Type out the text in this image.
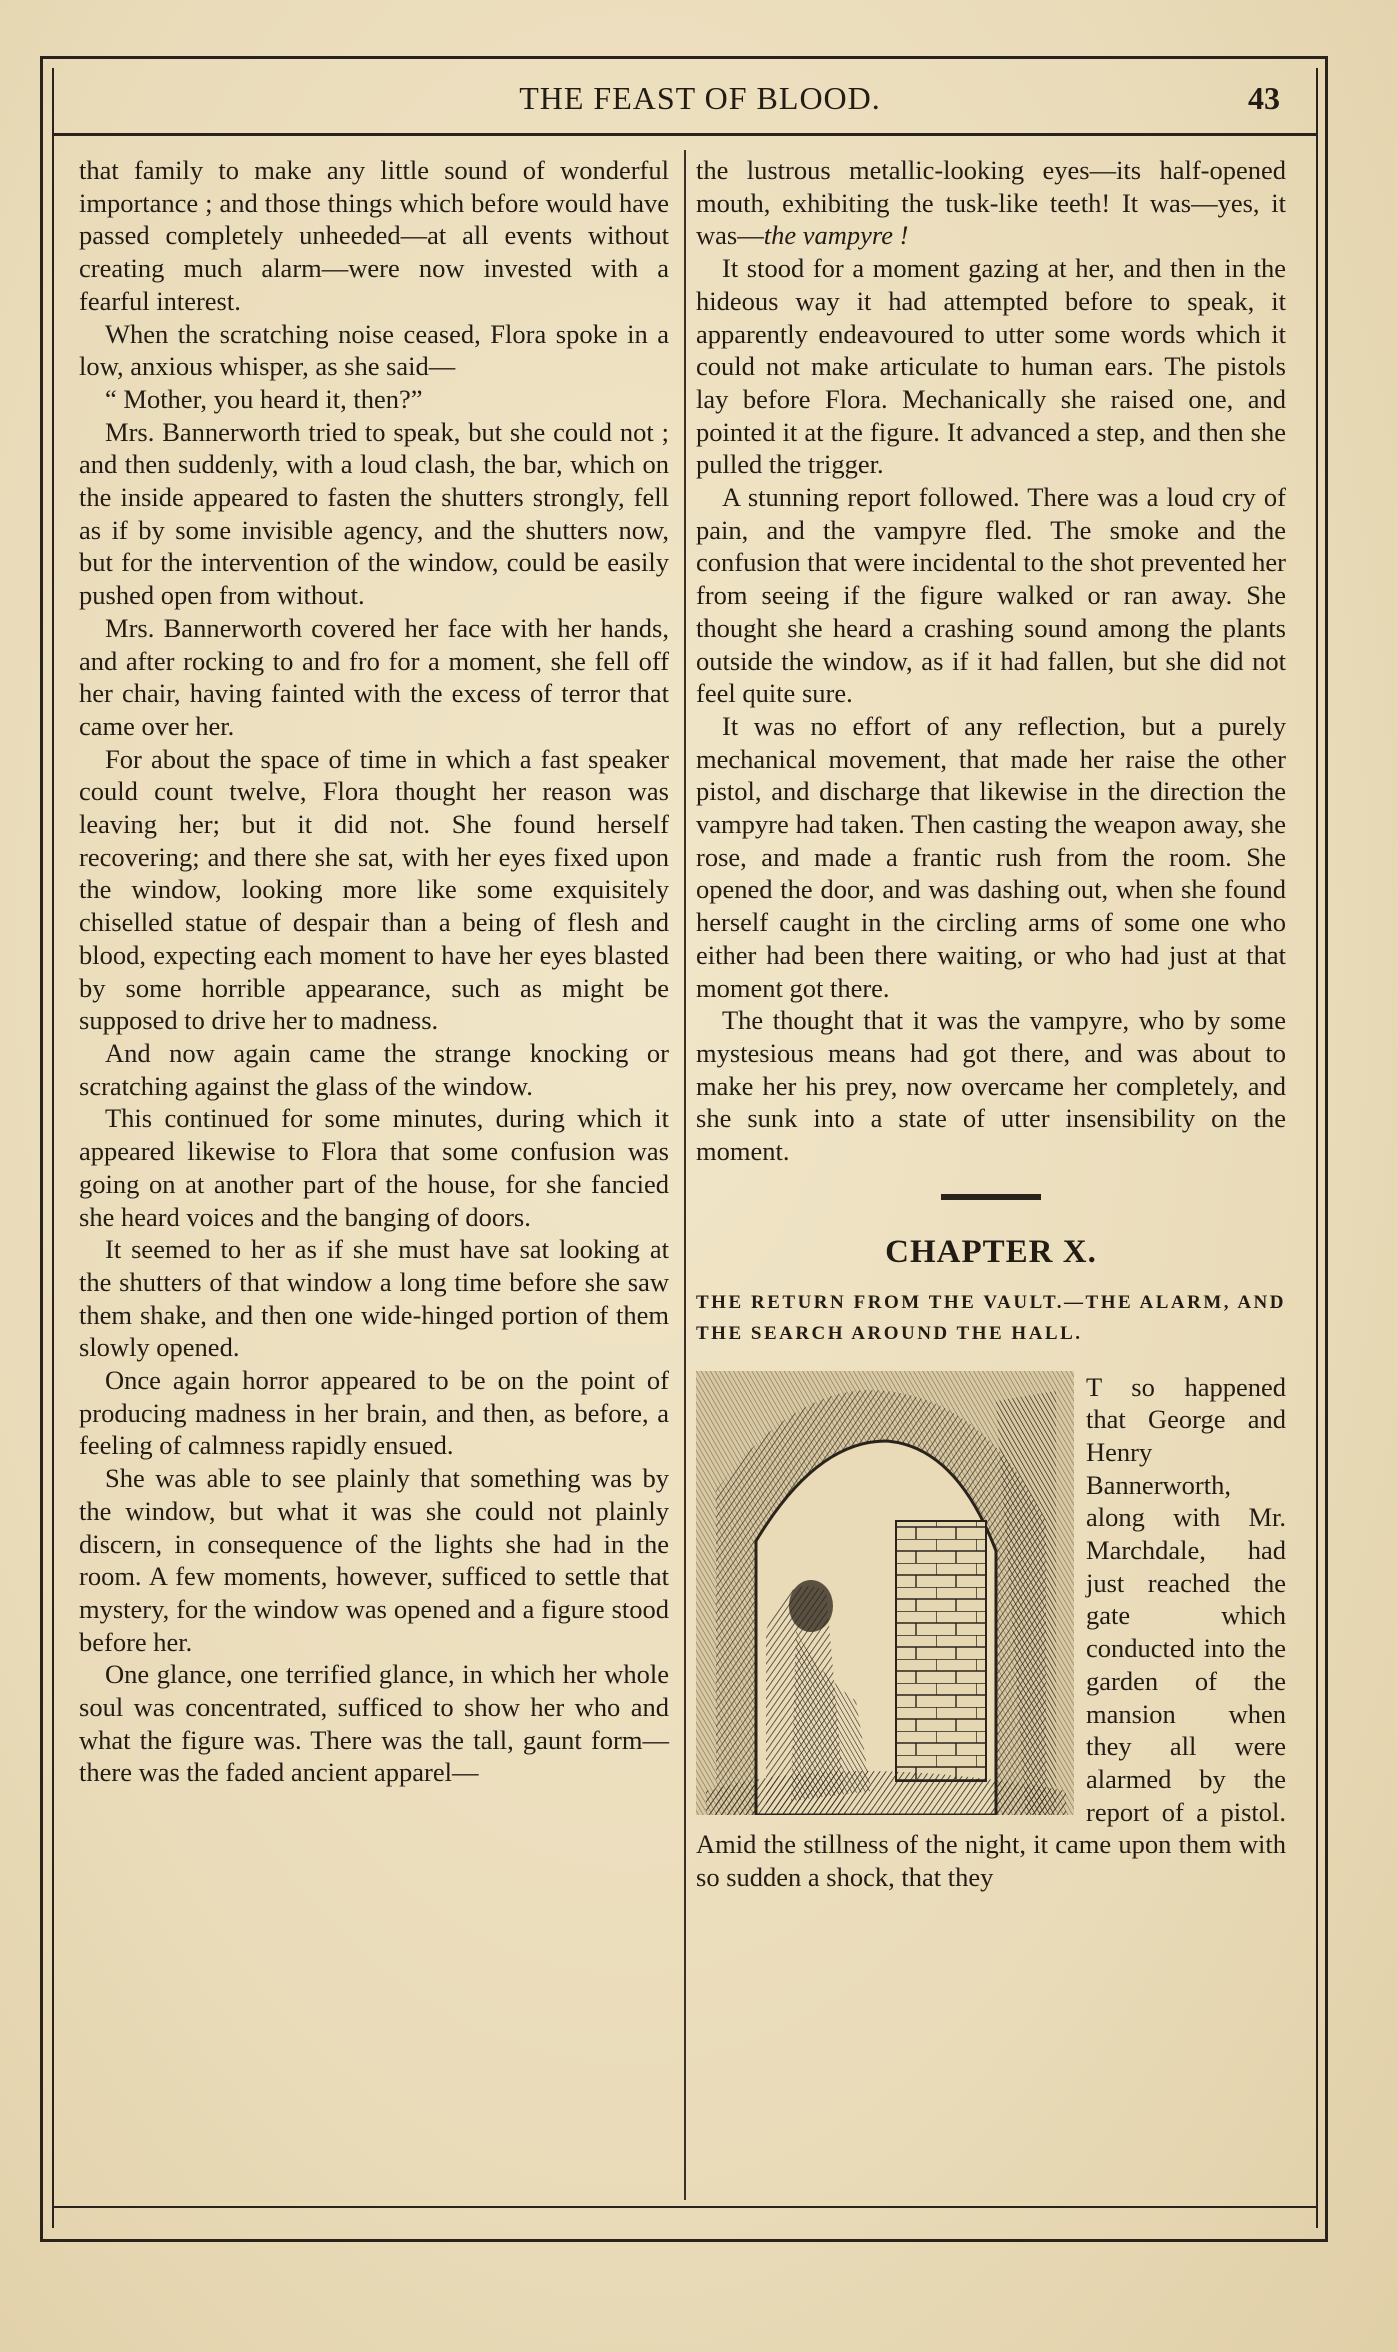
THE FEAST OF BLOOD.	43

that family to make any little sound of wonderful importance ; and those things which before would have passed completely unheeded—at all events without creating much alarm—were now invested with a fearful interest.

When the scratching noise ceased, Flora spoke in a low, anxious whisper, as she said—

“ Mother, you heard it, then?”

Mrs. Bannerworth tried to speak, but she could not ; and then suddenly, with a loud clash, the bar, which on the inside appeared to fasten the shutters strongly, fell as if by some invisible agency, and the shutters now, but for the intervention of the window, could be easily pushed open from without.

Mrs. Bannerworth covered her face with her hands, and after rocking to and fro for a moment, she fell off her chair, having fainted with the excess of terror that came over her.

For about the space of time in which a fast speaker could count twelve, Flora thought her reason was leaving her; but it did not. She found herself recovering; and there she sat, with her eyes fixed upon the window, looking more like some exquisitely chiselled statue of despair than a being of flesh and blood, expecting each moment to have her eyes blasted by some horrible appearance, such as might be supposed to drive her to madness.

And now again came the strange knocking or scratching against the glass of the window.

This continued for some minutes, during which it appeared likewise to Flora that some confusion was going on at another part of the house, for she fancied she heard voices and the banging of doors.

It seemed to her as if she must have sat looking at the shutters of that window a long time before she saw them shake, and then one wide-hinged portion of them slowly opened.

Once again horror appeared to be on the point of producing madness in her brain, and then, as before, a feeling of calmness rapidly ensued.

She was able to see plainly that something was by the window, but what it was she could not plainly discern, in consequence of the lights she had in the room. A few moments, however, sufficed to settle that mystery, for the window was opened and a figure stood before her.

One glance, one terrified glance, in which her whole soul was concentrated, sufficed to show her who and what the figure was. There was the tall, gaunt form—there was the faded ancient apparel—

the lustrous metallic-looking eyes—its half-opened mouth, exhibiting the tusk-like teeth! It was—yes, it was—the vampyre !

It stood for a moment gazing at her, and then in the hideous way it had attempted before to speak, it apparently endeavoured to utter some words which it could not make articulate to human ears. The pistols lay before Flora. Mechanically she raised one, and pointed it at the figure. It advanced a step, and then she pulled the trigger.

A stunning report followed. There was a loud cry of pain, and the vampyre fled. The smoke and the confusion that were incidental to the shot prevented her from seeing if the figure walked or ran away. She thought she heard a crashing sound among the plants outside the window, as if it had fallen, but she did not feel quite sure.

It was no effort of any reflection, but a purely mechanical movement, that made her raise the other pistol, and discharge that likewise in the direction the vampyre had taken. Then casting the weapon away, she rose, and made a frantic rush from the room. She opened the door, and was dashing out, when she found herself caught in the circling arms of some one who either had been there waiting, or who had just at that moment got there.

The thought that it was the vampyre, who by some mystesious means had got there, and was about to make her his prey, now overcame her completely, and she sunk into a state of utter insensibility on the moment.

CHAPTER X.
THE RETURN FROM THE VAULT.—THE ALARM, AND THE SEARCH AROUND THE HALL.

T so happened that George and Henry Bannerworth, along with Mr. Marchdale, had just reached the gate which conducted into the garden of the mansion when they all were alarmed by the report of a pistol. Amid the stillness of the night, it came upon them with so sudden a shock, that they
